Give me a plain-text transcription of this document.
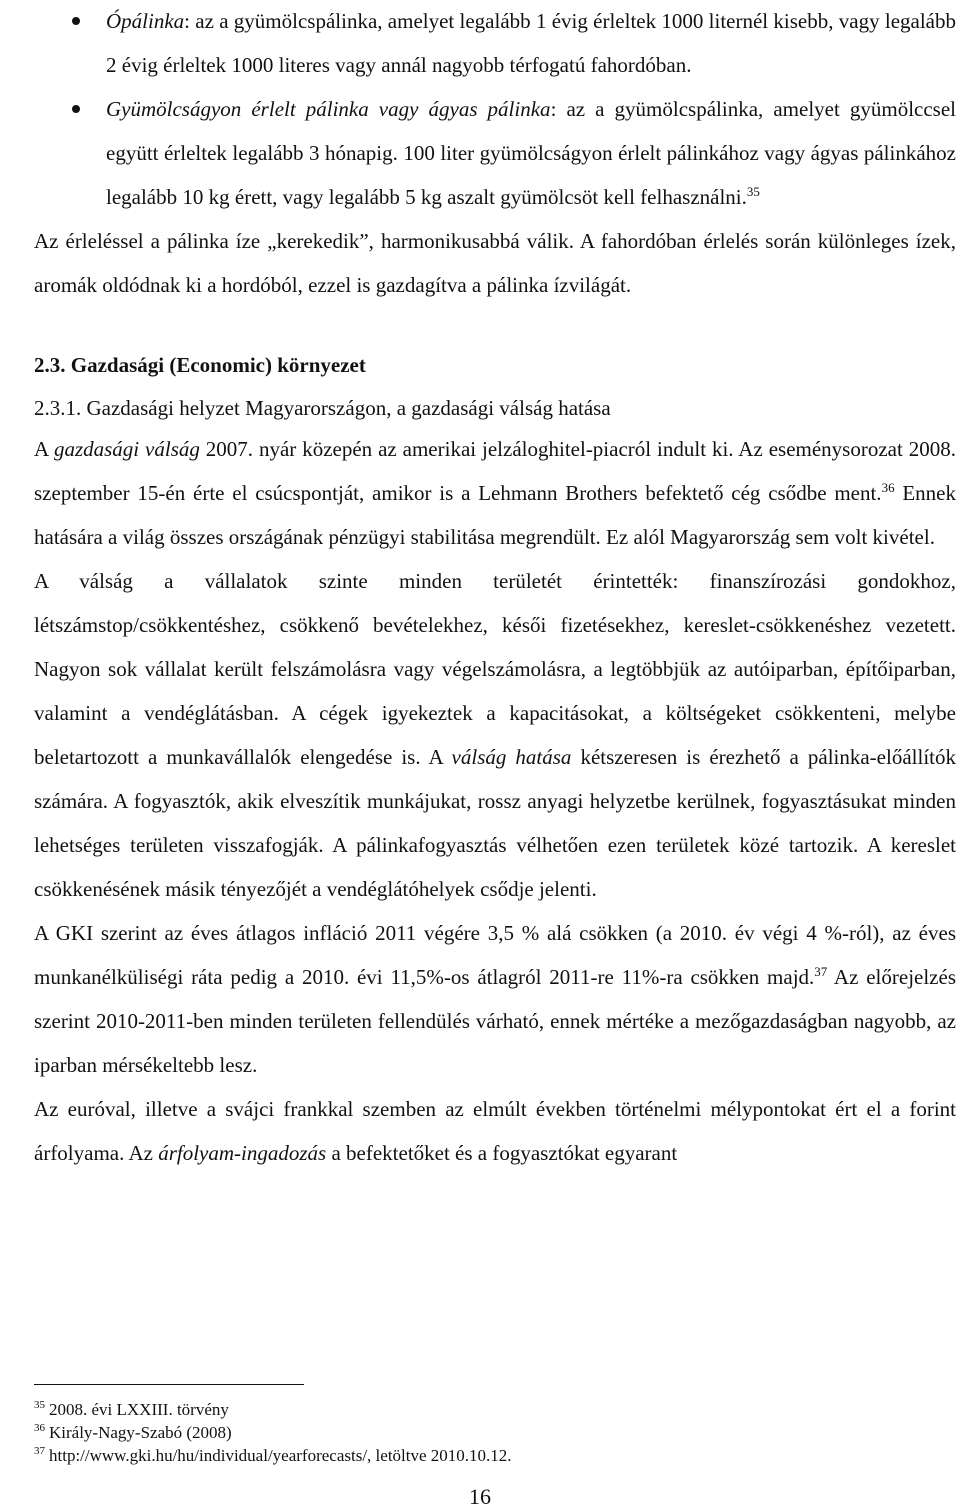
Ópálinka: az a gyümölcspálinka, amelyet legalább 1 évig érleltek 1000 liternél kisebb, vagy legalább 2 évig érleltek 1000 literes vagy annál nagyobb térfogatú fahordóban.

Gyümölcságyon érlelt pálinka vagy ágyas pálinka: az a gyümölcspálinka, amelyet gyümölccsel együtt érleltek legalább 3 hónapig. 100 liter gyümölcságyon érlelt pálinkához vagy ágyas pálinkához legalább 10 kg érett, vagy legalább 5 kg aszalt gyümölcsöt kell felhasználni.$^{35}$

Az érleléssel a pálinka íze „kerekedik”, harmonikusabbá válik. A fahordóban érlelés során különleges ízek, aromák oldódnak ki a hordóból, ezzel is gazdagítva a pálinka ízvilágát.

2.3. Gazdasági (Economic) környezet
2.3.1. Gazdasági helyzet Magyarországon, a gazdasági válság hatása

A gazdasági válság 2007. nyár közepén az amerikai jelzáloghitel-piacról indult ki. Az eseménysorozat 2008. szeptember 15-én érte el csúcspontját, amikor is a Lehmann Brothers befektető cég csődbe ment.$^{36}$ Ennek hatására a világ összes országának pénzügyi stabilitása megrendült. Ez alól Magyarország sem volt kivétel.

A válság a vállalatok szinte minden területét érintették: finanszírozási gondokhoz, létszámstop/csökkentéshez, csökkenő bevételekhez, késői fizetésekhez, kereslet-csökkenéshez vezetett. Nagyon sok vállalat került felszámolásra vagy végelszámolásra, a legtöbbjük az autóiparban, építőiparban, valamint a vendéglátásban. A cégek igyekeztek a kapacitásokat, a költségeket csökkenteni, melybe beletartozott a munkavállalók elengedése is. A válság hatása kétszeresen is érezhető a pálinka-előállítók számára. A fogyasztók, akik elveszítik munkájukat, rossz anyagi helyzetbe kerülnek, fogyasztásukat minden lehetséges területen visszafogják. A pálinkafogyasztás vélhetően ezen területek közé tartozik. A kereslet csökkenésének másik tényezőjét a vendéglátóhelyek csődje jelenti.

A GKI szerint az éves átlagos infláció 2011 végére 3,5 % alá csökken (a 2010. év végi 4 %-ról), az éves munkanélküliségi ráta pedig a 2010. évi 11,5%-os átlagról 2011-re 11%-ra csökken majd.$^{37}$ Az előrejelzés szerint 2010-2011-ben minden területen fellendülés várható, ennek mértéke a mezőgazdaságban nagyobb, az iparban mérsékeltebb lesz.

Az euróval, illetve a svájci frankkal szemben az elmúlt években történelmi mélypontokat ért el a forint árfolyama. Az árfolyam-ingadozás a befektetőket és a fogyasztókat egyarant

$^{35}$ 2008. évi LXXIII. törvény
$^{36}$ Király-Nagy-Szabó (2008)
$^{37}$ http://www.gki.hu/hu/individual/yearforecasts/, letöltve 2010.10.12.
16
